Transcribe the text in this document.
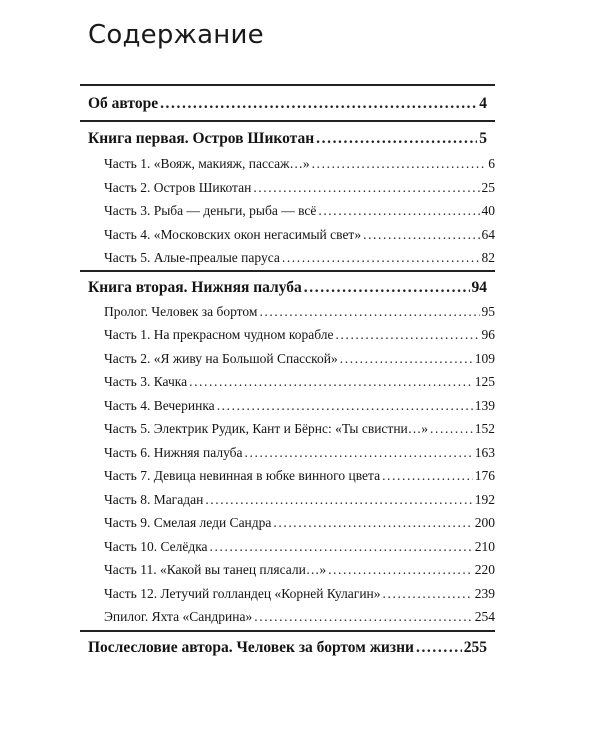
Содержание
Об авторе .....	4
Книга первая. Остров Шикотан .....	5
Часть 1. «Вояж, макияж, пассаж…» .....	6
Часть 2. Остров Шикотан .....	25
Часть 3. Рыба — деньги, рыба — всё .....	40
Часть 4. «Московских окон негасимый свет» .....	64
Часть 5. Алые-преалые паруса .....	82
Книга вторая. Нижняя палуба .....	94
Пролог. Человек за бортом .....	95
Часть 1. На прекрасном чудном корабле .....	96
Часть 2. «Я живу на Большой Спасской» .....	109
Часть 3. Качка .....	125
Часть 4. Вечеринка .....	139
Часть 5. Электрик Рудик, Кант и Бёрнс: «Ты свистни…» .....	152
Часть 6. Нижняя палуба .....	163
Часть 7. Девица невинная в юбке винного цвета .....	176
Часть 8. Магадан .....	192
Часть 9. Смелая леди Сандра .....	200
Часть 10. Селёдка .....	210
Часть 11. «Какой вы танец плясали…» .....	220
Часть 12. Летучий голландец «Корней Кулагин» .....	239
Эпилог. Яхта «Сандрина» .....	254
Послесловие автора. Человек за бортом жизни .....	255
